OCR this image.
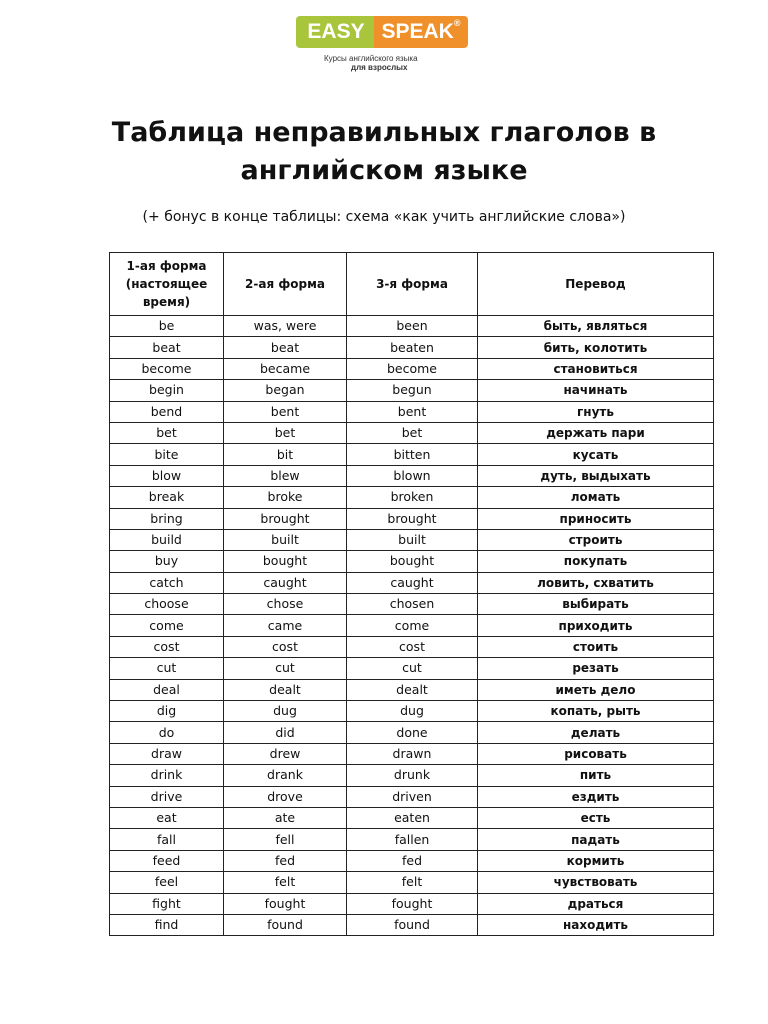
EASY SPEAK®
Курсы английского языка
для взрослых
Таблица неправильных глаголов в
английском языке
(+ бонус в конце таблицы: схема «как учить английские слова»)
1-ая форма (настоящее время)	2-ая форма	3-я форма	Перевод
be	was, were	been	быть, являться
beat	beat	beaten	бить, колотить
become	became	become	становиться
begin	began	begun	начинать
bend	bent	bent	гнуть
bet	bet	bet	держать пари
bite	bit	bitten	кусать
blow	blew	blown	дуть, выдыхать
break	broke	broken	ломать
bring	brought	brought	приносить
build	built	built	строить
buy	bought	bought	покупать
catch	caught	caught	ловить, схватить
choose	chose	chosen	выбирать
come	came	come	приходить
cost	cost	cost	стоить
cut	cut	cut	резать
deal	dealt	dealt	иметь дело
dig	dug	dug	копать, рыть
do	did	done	делать
draw	drew	drawn	рисовать
drink	drank	drunk	пить
drive	drove	driven	ездить
eat	ate	eaten	есть
fall	fell	fallen	падать
feed	fed	fed	кормить
feel	felt	felt	чувствовать
fight	fought	fought	драться
find	found	found	находить
